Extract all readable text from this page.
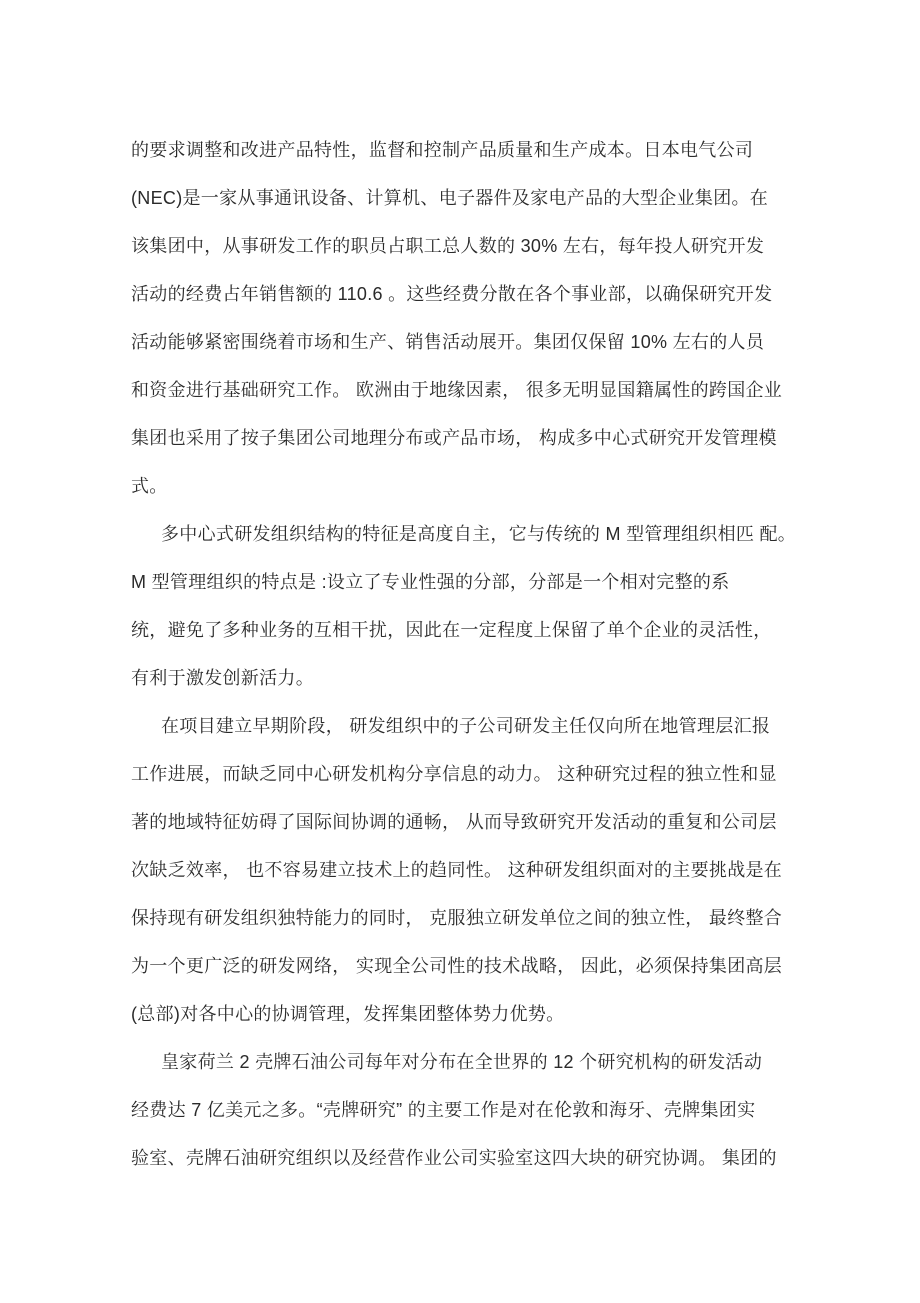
的要求调整和改进产品特性，监督和控制产品质量和生产成本。日本电气公司
(NEC)是一家从事通讯设备、计算机、电子器件及家电产品的大型企业集团。在
该集团中，从事研发工作的职员占职工总人数的 30% 左右，每年投人研究开发
活动的经费占年销售额的 110.6 。这些经费分散在各个事业部，以确保研究开发
活动能够紧密围绕着市场和生产、销售活动展开。集团仅保留 10% 左右的人员
和资金进行基础研究工作。 欧洲由于地缘因素， 很多无明显国籍属性的跨国企业
集团也采用了按子集团公司地理分布或产品市场， 构成多中心式研究开发管理模
式。
多中心式研发组织结构的特征是高度自主，它与传统的 M 型管理组织相匹 配。
M 型管理组织的特点是 :设立了专业性强的分部，分部是一个相对完整的系
统，避免了多种业务的互相干扰，因此在一定程度上保留了单个企业的灵活性，
有利于激发创新活力。
在项目建立早期阶段， 研发组织中的子公司研发主任仅向所在地管理层汇报
工作进展，而缺乏同中心研发机构分享信息的动力。 这种研究过程的独立性和显
著的地域特征妨碍了国际间协调的通畅， 从而导致研究开发活动的重复和公司层
次缺乏效率， 也不容易建立技术上的趋同性。 这种研发组织面对的主要挑战是在
保持现有研发组织独特能力的同时， 克服独立研发单位之间的独立性， 最终整合
为一个更广泛的研发网络， 实现全公司性的技术战略， 因此，必须保持集团高层
(总部)对各中心的协调管理，发挥集团整体势力优势。
皇家荷兰 2 壳牌石油公司每年对分布在全世界的 12 个研究机构的研发活动
经费达 7 亿美元之多。“壳牌研究” 的主要工作是对在伦敦和海牙、壳牌集团实
验室、壳牌石油研究组织以及经营作业公司实验室这四大块的研究协调。 集团的
